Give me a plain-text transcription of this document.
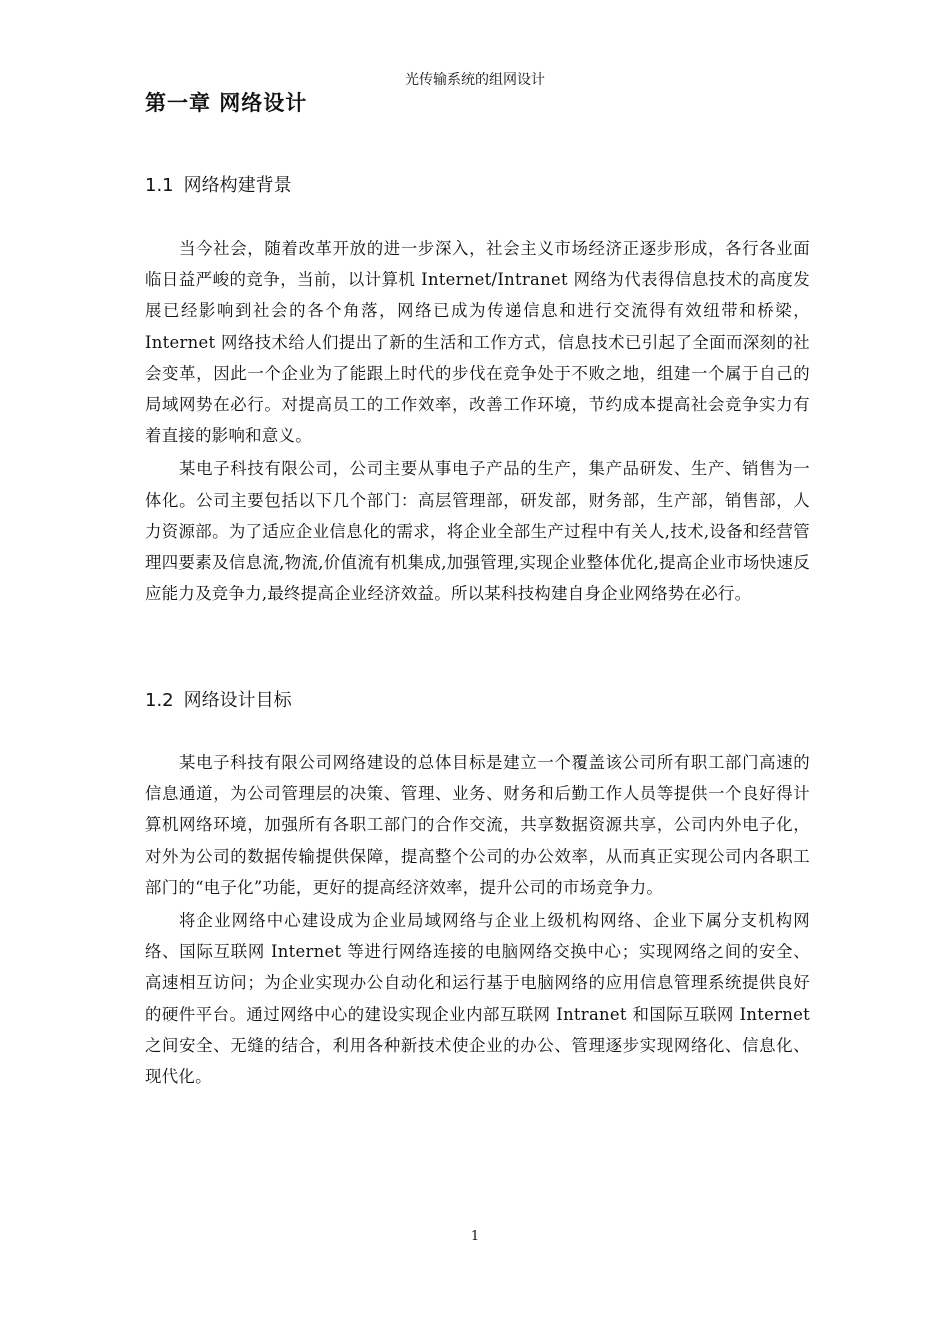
光传输系统的组网设计
第一章 网络设计
1.1 网络构建背景

当今社会，随着改革开放的进一步深入，社会主义市场经济正逐步形成，各行各业面临日益严峻的竞争，当前，以计算机 Internet/Intranet 网络为代表得信息技术的高度发展已经影响到社会的各个角落，网络已成为传递信息和进行交流得有效纽带和桥梁，Internet 网络技术给人们提出了新的生活和工作方式，信息技术已引起了全面而深刻的社会变革，因此一个企业为了能跟上时代的步伐在竞争处于不败之地，组建一个属于自己的局域网势在必行。对提高员工的工作效率，改善工作环境，节约成本提高社会竞争实力有着直接的影响和意义。

某电子科技有限公司，公司主要从事电子产品的生产，集产品研发、生产、销售为一体化。公司主要包括以下几个部门：高层管理部，研发部，财务部，生产部，销售部，人力资源部。为了适应企业信息化的需求，将企业全部生产过程中有关人,技术,设备和经营管理四要素及信息流,物流,价值流有机集成,加强管理,实现企业整体优化,提高企业市场快速反应能力及竞争力,最终提高企业经济效益。所以某科技构建自身企业网络势在必行。

1.2 网络设计目标

某电子科技有限公司网络建设的总体目标是建立一个覆盖该公司所有职工部门高速的信息通道，为公司管理层的决策、管理、业务、财务和后勤工作人员等提供一个良好得计算机网络环境，加强所有各职工部门的合作交流，共享数据资源共享，公司内外电子化，对外为公司的数据传输提供保障，提高整个公司的办公效率，从而真正实现公司内各职工部门的“电子化”功能，更好的提高经济效率，提升公司的市场竞争力。

将企业网络中心建设成为企业局域网络与企业上级机构网络、企业下属分支机构网络、国际互联网 Internet 等进行网络连接的电脑网络交换中心；实现网络之间的安全、高速相互访问；为企业实现办公自动化和运行基于电脑网络的应用信息管理系统提供良好的硬件平台。通过网络中心的建设实现企业内部互联网 Intranet 和国际互联网 Internet 之间安全、无缝的结合，利用各种新技术使企业的办公、管理逐步实现网络化、信息化、现代化。

1
